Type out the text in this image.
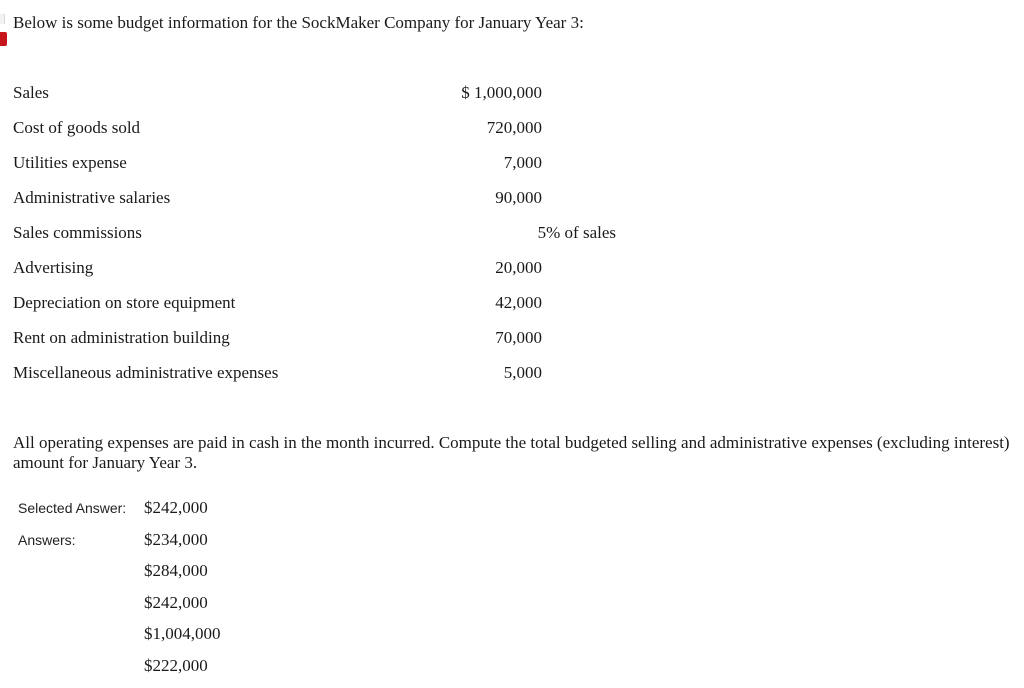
Below is some budget information for the SockMaker Company for January Year 3:
Sales	$ 1,000,000
Cost of goods sold	720,000
Utilities expense	7,000
Administrative salaries	90,000
Sales commissions	5% of sales
Advertising	20,000
Depreciation on store equipment	42,000
Rent on administration building	70,000
Miscellaneous administrative expenses	5,000
All operating expenses are paid in cash in the month incurred. Compute the total budgeted selling and administrative expenses (excluding interest) amount for January Year 3.
Selected Answer: $242,000
Answers:	$234,000
$284,000
$242,000
$1,004,000
$222,000
